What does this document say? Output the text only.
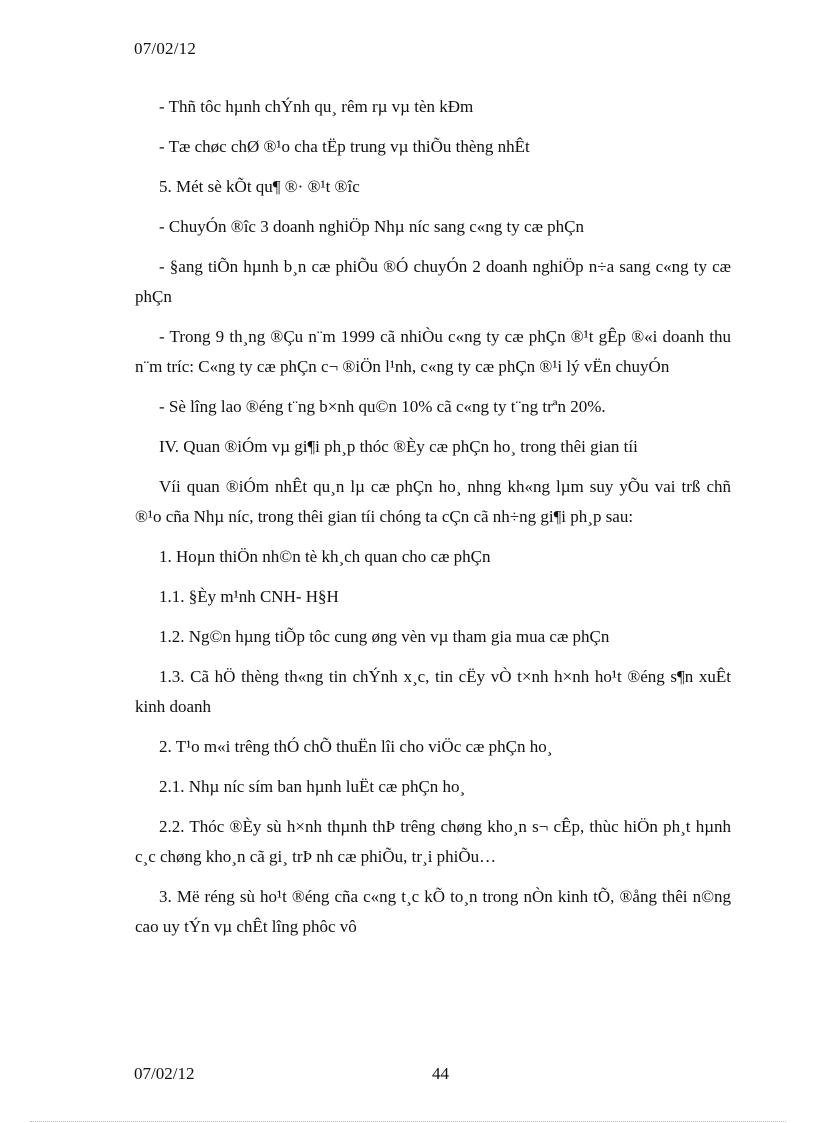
07/02/12

- Thñ tôc hµnh chÝnh qu¸ rêm rµ vµ tèn kÐm

- Tæ chøc chØ ®¹o cha tËp trung vµ thiÕu thèng nhÊt

5. Mét sè kÕt qu¶ ®· ®¹t ®îc

- ChuyÓn ®îc 3 doanh nghiÖp Nhµ níc sang c«ng ty cæ phÇn

- §ang tiÕn hµnh b¸n cæ phiÕu ®Ó chuyÓn 2 doanh nghiÖp n÷a sang c«ng ty cæ phÇn

- Trong 9 th¸ng ®Çu n¨m 1999 cã nhiÒu c«ng ty cæ phÇn ®¹t gÊp ®«i doanh thu n¨m tríc: C«ng ty cæ phÇn c¬ ®iÖn l¹nh, c«ng ty cæ phÇn ®¹i lý vËn chuyÓn

- Sè lîng lao ®éng t¨ng b×nh qu©n 10% cã c«ng ty t¨ng trªn 20%.

IV. Quan ®iÓm vµ gi¶i ph¸p thóc ®Èy cæ phÇn ho¸ trong thêi gian tíi

Víi quan ®iÓm nhÊt qu¸n lµ cæ phÇn ho¸ nhng kh«ng lµm suy yÕu vai trß chñ ®¹o cña Nhµ níc, trong thêi gian tíi chóng ta cÇn cã nh÷ng gi¶i ph¸p sau:

1. Hoµn thiÖn nh©n tè kh¸ch quan cho cæ phÇn

1.1. §Èy m¹nh CNH- H§H

1.2. Ng©n hµng tiÕp tôc cung øng vèn vµ tham gia mua cæ phÇn

1.3. Cã hÖ thèng th«ng tin chÝnh x¸c, tin cËy vÒ t×nh h×nh ho¹t ®éng s¶n xuÊt kinh doanh

2. T¹o m«i trêng thÓ chÕ thuËn lîi cho viÖc cæ phÇn ho¸

2.1. Nhµ níc sím ban hµnh luËt cæ phÇn ho¸

2.2. Thóc ®Èy sù h×nh thµnh thÞ trêng chøng kho¸n s¬ cÊp, thùc hiÖn ph¸t hµnh c¸c chøng kho¸n cã gi¸ trÞ nh cæ phiÕu, tr¸i phiÕu…

3. Më réng sù ho¹t ®éng cña c«ng t¸c kÕ to¸n trong nÒn kinh tÕ, ®ång thêi n©ng cao uy tÝn vµ chÊt lîng phôc vô

07/02/12	44
